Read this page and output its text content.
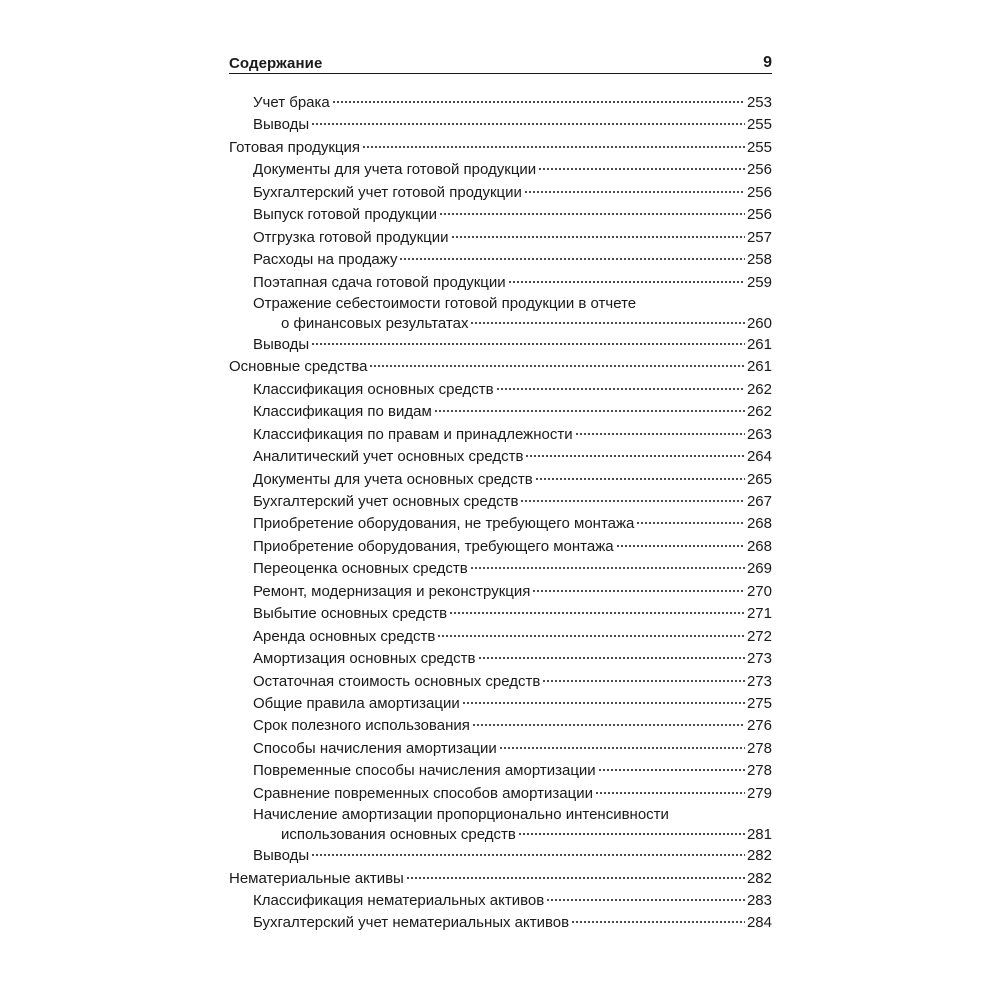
Содержание	9
Учет брака	253
Выводы	255
Готовая продукция	255
Документы для учета готовой продукции	256
Бухгалтерский учет готовой продукции	256
Выпуск готовой продукции	256
Отгрузка готовой продукции	257
Расходы на продажу	258
Поэтапная сдача готовой продукции	259
Отражение себестоимости готовой продукции в отчете
о финансовых результатах	260
Выводы	261
Основные средства	261
Классификация основных средств	262
Классификация по видам	262
Классификация по правам и принадлежности	263
Аналитический учет основных средств	264
Документы для учета основных средств	265
Бухгалтерский учет основных средств	267
Приобретение оборудования, не требующего монтажа	268
Приобретение оборудования, требующего монтажа	268
Переоценка основных средств	269
Ремонт, модернизация и реконструкция	270
Выбытие основных средств	271
Аренда основных средств	272
Амортизация основных средств	273
Остаточная стоимость основных средств	273
Общие правила амортизации	275
Срок полезного использования	276
Способы начисления амортизации	278
Повременные способы начисления амортизации	278
Сравнение повременных способов амортизации	279
Начисление амортизации пропорционально интенсивности
использования основных средств	281
Выводы	282
Нематериальные активы	282
Классификация нематериальных активов	283
Бухгалтерский учет нематериальных активов	284
